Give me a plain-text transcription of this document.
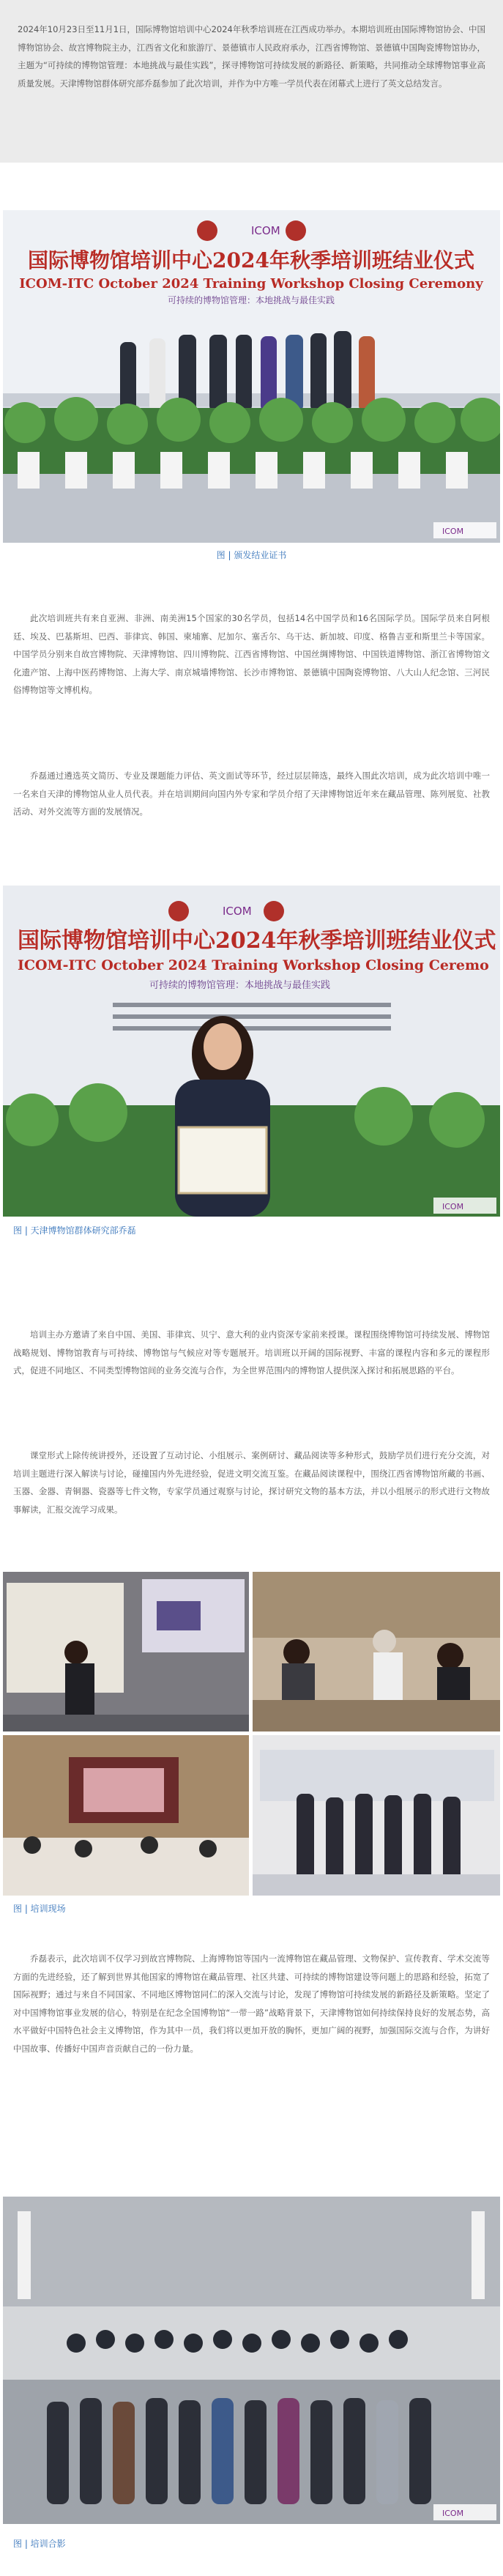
2024年10月23日至11月1日，国际博物馆培训中心2024年秋季培训班在江西成功举办。本期培训班由国际博物馆协会、中国博物馆协会、故宫博物院主办，江西省文化和旅游厅、景德镇市人民政府承办，江西省博物馆、景德镇中国陶瓷博物馆协办，主题为“可持续的博物馆管理：本地挑战与最佳实践”，探寻博物馆可持续发展的新路径、新策略，共同推动全球博物馆事业高质量发展。天津博物馆群体研究部乔磊参加了此次培训，并作为中方唯一学员代表在闭幕式上进行了英文总结发言。
ICOM
国际博物馆培训中心2024年秋季培训班结业仪式
ICOM-ITC October 2024 Training Workshop Closing Ceremony
可持续的博物馆管理：本地挑战与最佳实践
ICOM
图 | 颁发结业证书
此次培训班共有来自亚洲、非洲、南美洲15个国家的30名学员，包括14名中国学员和16名国际学员。国际学员来自阿根廷、埃及、巴基斯坦、巴西、菲律宾、韩国、柬埔寨、尼加尔、塞舌尔、乌干达、新加坡、印度、格鲁吉亚和斯里兰卡等国家。中国学员分别来自故宫博物院、天津博物馆、四川博物院、江西省博物馆、中国丝绸博物馆、中国铁道博物馆、浙江省博物馆文化遗产馆、上海中医药博物馆、上海大学、南京城墙博物馆、长沙市博物馆、景德镇中国陶瓷博物馆、八大山人纪念馆、三河民俗博物馆等文博机构。
乔磊通过遴选英文简历、专业及课题能力评估、英文面试等环节，经过层层筛选，最终入围此次培训，成为此次培训中唯一一名来自天津的博物馆从业人员代表。并在培训期间向国内外专家和学员介绍了天津博物馆近年来在藏品管理、陈列展览、社教活动、对外交流等方面的发展情况。
ICOM
国际博物馆培训中心2024年秋季培训班结业仪式
ICOM-ITC October 2024 Training Workshop Closing Ceremo
可持续的博物馆管理：本地挑战与最佳实践
ICOM
图 | 天津博物馆群体研究部乔磊
培训主办方邀请了来自中国、美国、菲律宾、贝宁、意大利的业内资深专家前来授课。课程围绕博物馆可持续发展、博物馆战略规划、博物馆教育与可持续、博物馆与气候应对等专题展开。培训班以开阔的国际视野、丰富的课程内容和多元的课程形式，促进不同地区、不同类型博物馆间的业务交流与合作，为全世界范围内的博物馆人提供深入探讨和拓展思路的平台。
课堂形式上除传统讲授外，还设置了互动讨论、小组展示、案例研讨、藏品阅读等多种形式，鼓励学员们进行充分交流，对培训主题进行深入解读与讨论，碰撞国内外先进经验，促进文明交流互鉴。在藏品阅读课程中，围绕江西省博物馆所藏的书画、玉器、金器、青铜器、瓷器等七件文物，专家学员通过观察与讨论，探讨研究文物的基本方法，并以小组展示的形式进行文物故事解读，汇报交流学习成果。
图 | 培训现场
乔磊表示，此次培训不仅学习到故宫博物院、上海博物馆等国内一流博物馆在藏品管理、文物保护、宣传教育、学术交流等方面的先进经验，还了解到世界其他国家的博物馆在藏品管理、社区共建、可持续的博物馆建设等问题上的思路和经验，拓宽了国际视野；通过与来自不同国家、不同地区博物馆同仁的深入交流与讨论，发现了博物馆可持续发展的新路径及新策略。坚定了对中国博物馆事业发展的信心，特别是在纪念全国博物馆“一带一路”战略背景下，天津博物馆如何持续保持良好的发展态势，高水平做好中国特色社会主义博物馆，作为其中一员，我们将以更加开放的胸怀，更加广阔的视野，加强国际交流与合作，为讲好中国故事、传播好中国声音贡献自己的一份力量。
ICOM
图 | 培训合影
